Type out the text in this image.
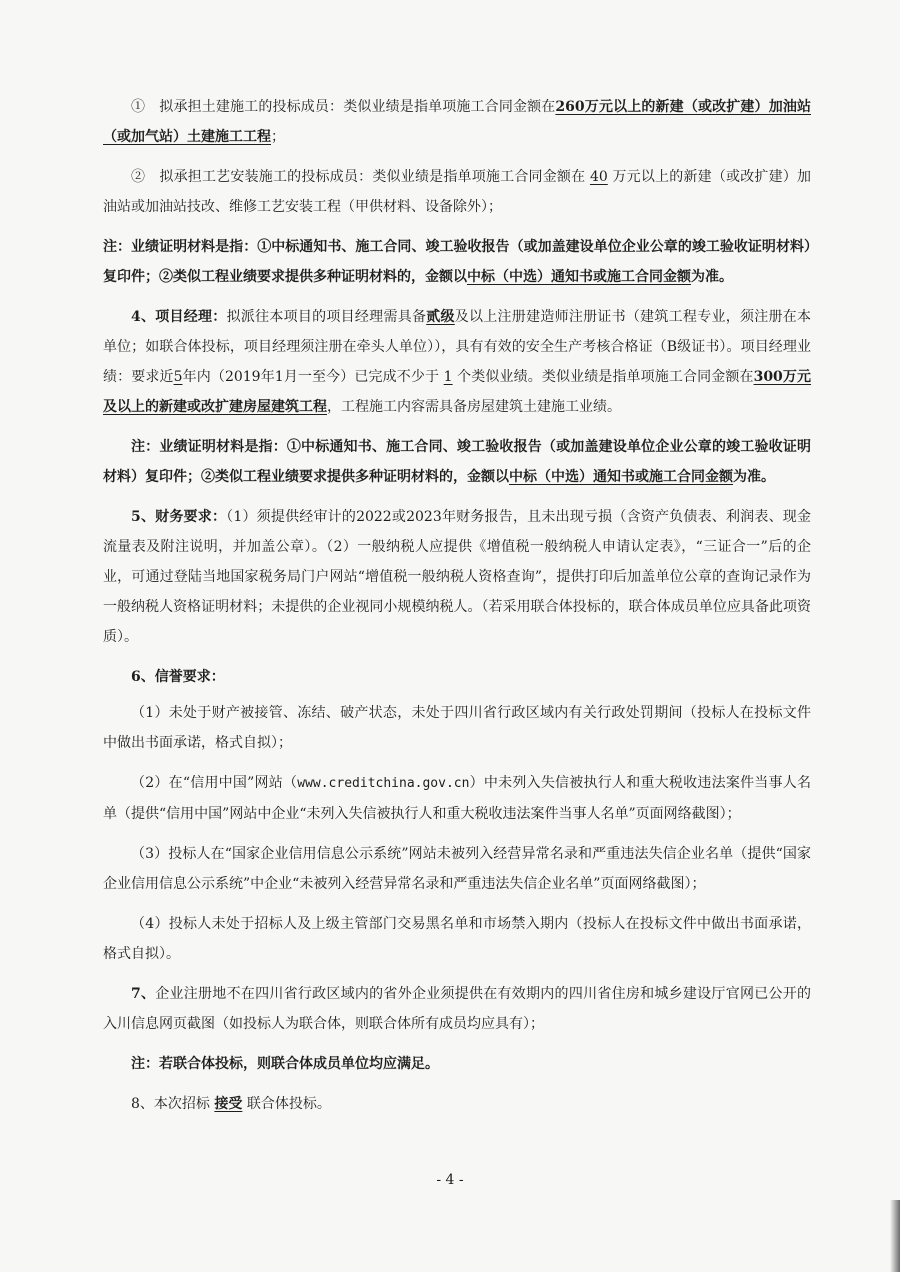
①　拟承担土建施工的投标成员：类似业绩是指单项施工合同金额在260万元以上的新建（或改扩建）加油站（或加气站）土建施工工程；

②　拟承担工艺安装施工的投标成员：类似业绩是指单项施工合同金额在 40 万元以上的新建（或改扩建）加油站或加油站技改、维修工艺安装工程（甲供材料、设备除外）；

注：业绩证明材料是指：①中标通知书、施工合同、竣工验收报告（或加盖建设单位企业公章的竣工验收证明材料）复印件；②类似工程业绩要求提供多种证明材料的，金额以中标（中选）通知书或施工合同金额为准。

4、项目经理：拟派往本项目的项目经理需具备贰级及以上注册建造师注册证书（建筑工程专业，须注册在本单位；如联合体投标，项目经理须注册在牵头人单位）），具有有效的安全生产考核合格证（B级证书）。项目经理业绩：要求近5年内（2019年1月一至今）已完成不少于 1 个类似业绩。类似业绩是指单项施工合同金额在300万元及以上的新建或改扩建房屋建筑工程，工程施工内容需具备房屋建筑土建施工业绩。

注：业绩证明材料是指：①中标通知书、施工合同、竣工验收报告（或加盖建设单位企业公章的竣工验收证明材料）复印件；②类似工程业绩要求提供多种证明材料的，金额以中标（中选）通知书或施工合同金额为准。

5、财务要求：（1）须提供经审计的2022或2023年财务报告，且未出现亏损（含资产负债表、利润表、现金流量表及附注说明，并加盖公章）。（2）一般纳税人应提供《增值税一般纳税人申请认定表》，“三证合一”后的企业，可通过登陆当地国家税务局门户网站“增值税一般纳税人资格查询”，提供打印后加盖单位公章的查询记录作为一般纳税人资格证明材料；未提供的企业视同小规模纳税人。（若采用联合体投标的，联合体成员单位应具备此项资质）。

6、信誉要求：

（1）未处于财产被接管、冻结、破产状态，未处于四川省行政区域内有关行政处罚期间（投标人在投标文件中做出书面承诺，格式自拟）；

（2）在“信用中国”网站（www.creditchina.gov.cn）中未列入失信被执行人和重大税收违法案件当事人名单（提供“信用中国”网站中企业“未列入失信被执行人和重大税收违法案件当事人名单”页面网络截图）；

（3）投标人在“国家企业信用信息公示系统”网站未被列入经营异常名录和严重违法失信企业名单（提供“国家企业信用信息公示系统”中企业“未被列入经营异常名录和严重违法失信企业名单”页面网络截图）；

（4）投标人未处于招标人及上级主管部门交易黑名单和市场禁入期内（投标人在投标文件中做出书面承诺，格式自拟）。

7、企业注册地不在四川省行政区域内的省外企业须提供在有效期内的四川省住房和城乡建设厅官网已公开的入川信息网页截图（如投标人为联合体，则联合体所有成员均应具有）；

注：若联合体投标，则联合体成员单位均应满足。

8、本次招标 接受 联合体投标。

- 4 -
